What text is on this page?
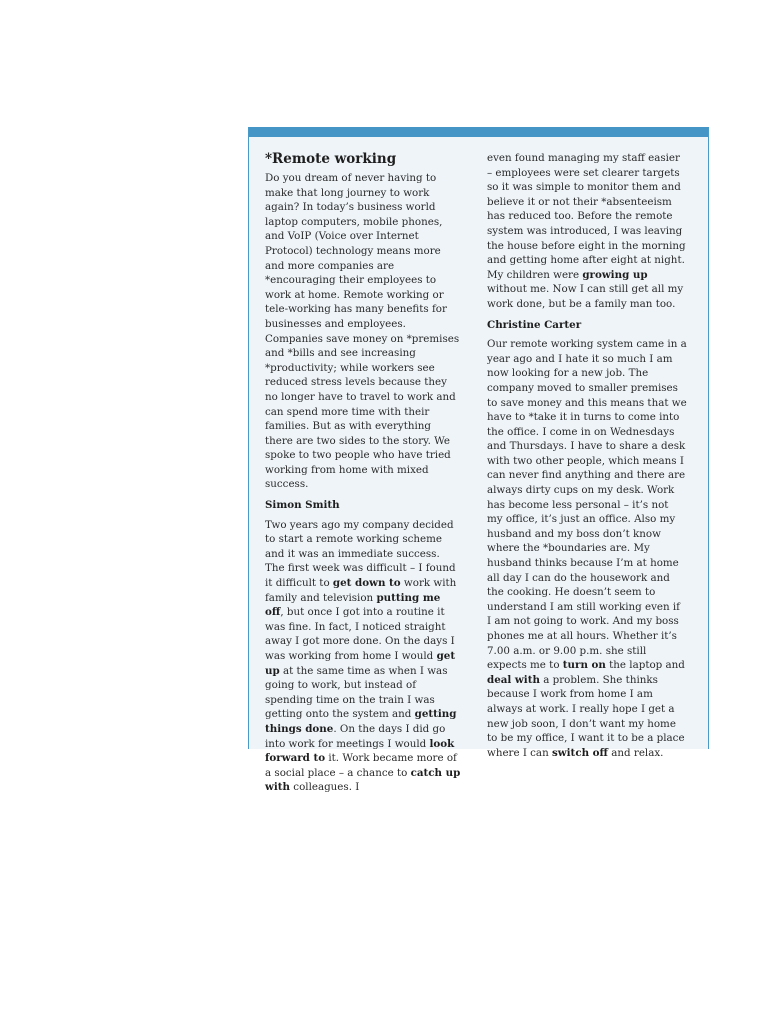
*Remote working

Do you dream of never having to make that long journey to work again? In today’s business world laptop computers, mobile phones, and VoIP (Voice over Internet Protocol) technology means more and more companies are *encouraging their employees to work at home. Remote working or tele-working has many benefits for businesses and employees. Companies save money on *premises and *bills and see increasing *productivity; while workers see reduced stress levels because they no longer have to travel to work and can spend more time with their families. But as with everything there are two sides to the story. We spoke to two people who have tried working from home with mixed success.

Simon Smith

Two years ago my company decided to start a remote working scheme and it was an immediate success. The first week was difficult – I found it difficult to get down to work with family and television putting me off, but once I got into a routine it was fine. In fact, I noticed straight away I got more done. On the days I was working from home I would get up at the same time as when I was going to work, but instead of spending time on the train I was getting onto the system and getting things done. On the days I did go into work for meetings I would look forward to it. Work became more of a social place – a chance to catch up with colleagues. I

even found managing my staff easier – employees were set clearer targets so it was simple to monitor them and believe it or not their *absenteeism has reduced too. Before the remote system was introduced, I was leaving the house before eight in the morning and getting home after eight at night. My children were growing up without me. Now I can still get all my work done, but be a family man too.

Christine Carter

Our remote working system came in a year ago and I hate it so much I am now looking for a new job. The company moved to smaller premises to save money and this means that we have to *take it in turns to come into the office. I come in on Wednesdays and Thursdays. I have to share a desk with two other people, which means I can never find anything and there are always dirty cups on my desk. Work has become less personal – it’s not my office, it’s just an office. Also my husband and my boss don’t know where the *boundaries are. My husband thinks because I’m at home all day I can do the housework and the cooking. He doesn’t seem to understand I am still working even if I am not going to work. And my boss phones me at all hours. Whether it’s 7.00 a.m. or 9.00 p.m. she still expects me to turn on the laptop and deal with a problem. She thinks because I work from home I am always at work. I really hope I get a new job soon, I don’t want my home to be my office, I want it to be a place where I can switch off and relax.
